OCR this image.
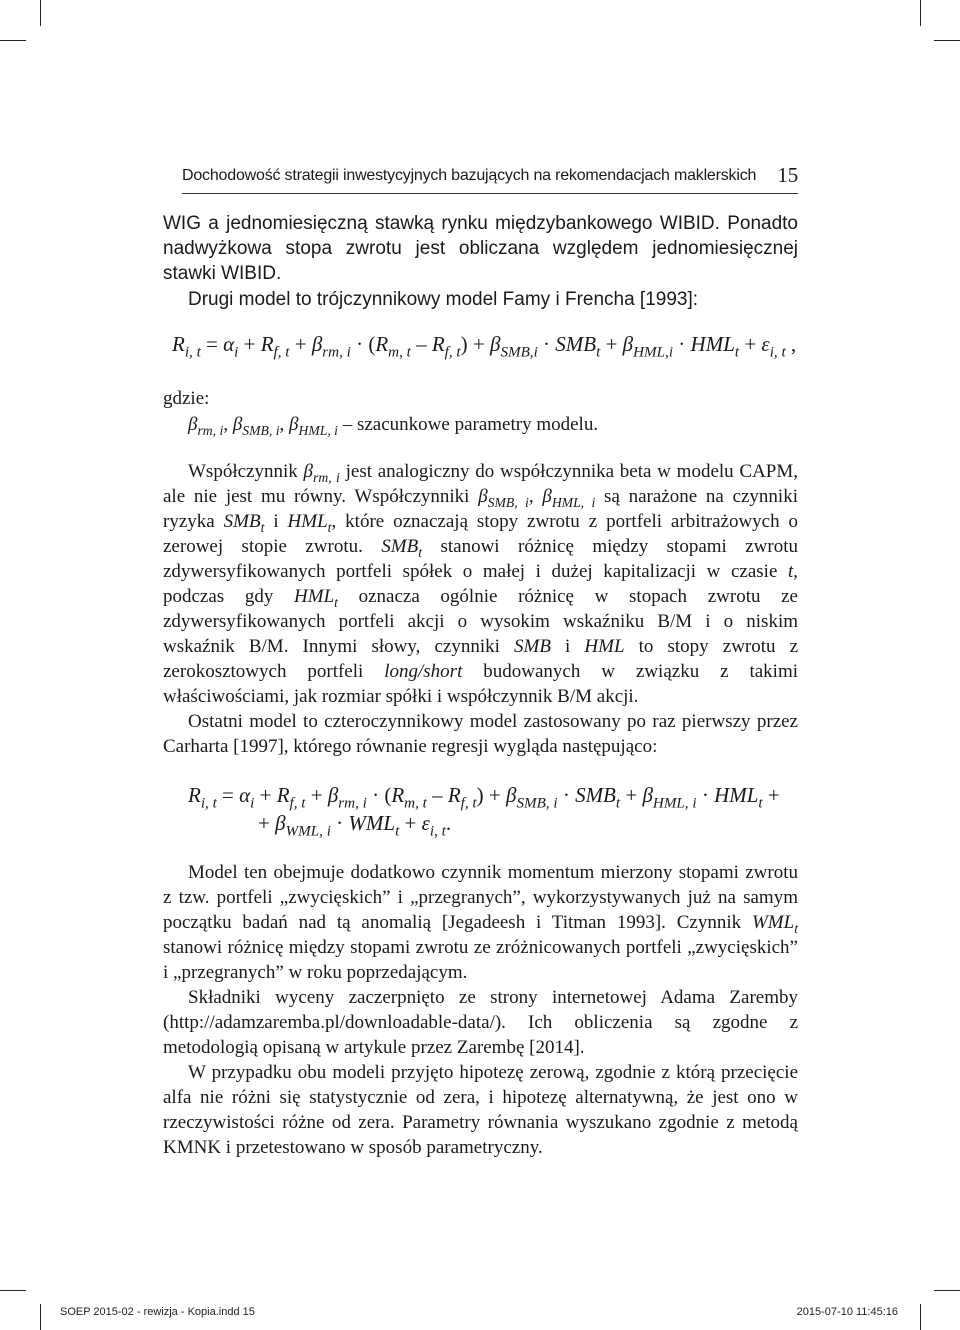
Dochodowość strategii inwestycyjnych bazujących na rekomendacjach maklerskich 15
WIG a jednomiesięczną stawką rynku międzybankowego WIBID. Ponadto nadwyżkowa stopa zwrotu jest obliczana względem jednomiesięcznej stawki WIBID.
Drugi model to trójczynnikowy model Famy i Frencha [1993]:
$R_{i, t} = \alpha_i + R_{f, t} + \beta_{rm, i} \cdot (R_{m, t} - R_{f, t}) + \beta_{SMB,i} \cdot SMB_t + \beta_{HML,i} \cdot HML_t + \varepsilon_{i, t}$ ,
gdzie:
$\beta_{rm, i}$, $\beta_{SMB, i}$, $\beta_{HML, i}$ – szacunkowe parametry modelu.
Współczynnik $\beta_{rm, i}$ jest analogiczny do współczynnika beta w modelu CAPM, ale nie jest mu równy. Współczynniki $\beta_{SMB, i}$, $\beta_{HML, i}$ są narażone na czynniki ryzyka $SMB_t$ i $HML_t$, które oznaczają stopy zwrotu z portfeli arbitrażowych o zerowej stopie zwrotu. $SMB_t$ stanowi różnicę między stopami zwrotu zdywersyfikowanych portfeli spółek o małej i dużej kapitalizacji w czasie t, podczas gdy $HML_t$ oznacza ogólnie różnicę w stopach zwrotu ze zdywersyfikowanych portfeli akcji o wysokim wskaźniku B/M i o niskim wskaźnik B/M. Innymi słowy, czynniki SMB i HML to stopy zwrotu z zerokosztowych portfeli long/short budowanych w związku z takimi właściwościami, jak rozmiar spółki i współczynnik B/M akcji.
Ostatni model to czteroczynnikowy model zastosowany po raz pierwszy przez Carharta [1997], którego równanie regresji wygląda następująco:
$R_{i, t} = \alpha_i + R_{f, t} + \beta_{rm, i} \cdot (R_{m, t} - R_{f, t}) + \beta_{SMB, i} \cdot SMB_t + \beta_{HML, i} \cdot HML_t$ +
+ $\beta_{WML, i} \cdot WML_t + \varepsilon_{i, t}$.
Model ten obejmuje dodatkowo czynnik momentum mierzony stopami zwrotu z tzw. portfeli „zwycięskich” i „przegranych”, wykorzystywanych już na samym początku badań nad tą anomalią [Jegadeesh i Titman 1993]. Czynnik $WML_t$ stanowi różnicę między stopami zwrotu ze zróżnicowanych portfeli „zwycięskich” i „przegranych” w roku poprzedającym.
Składniki wyceny zaczerpnięto ze strony internetowej Adama Zaremby (http://adamzaremba.pl/downloadable-data/). Ich obliczenia są zgodne z metodologią opisaną w artykule przez Zarembę [2014].
W przypadku obu modeli przyjęto hipotezę zerową, zgodnie z którą przecięcie alfa nie różni się statystycznie od zera, i hipotezę alternatywną, że jest ono w rzeczywistości różne od zera. Parametry równania wyszukano zgodnie z metodą KMNK i przetestowano w sposób parametryczny.
SOEP 2015-02 - rewizja - Kopia.indd 15	2015-07-10 11:45:16
